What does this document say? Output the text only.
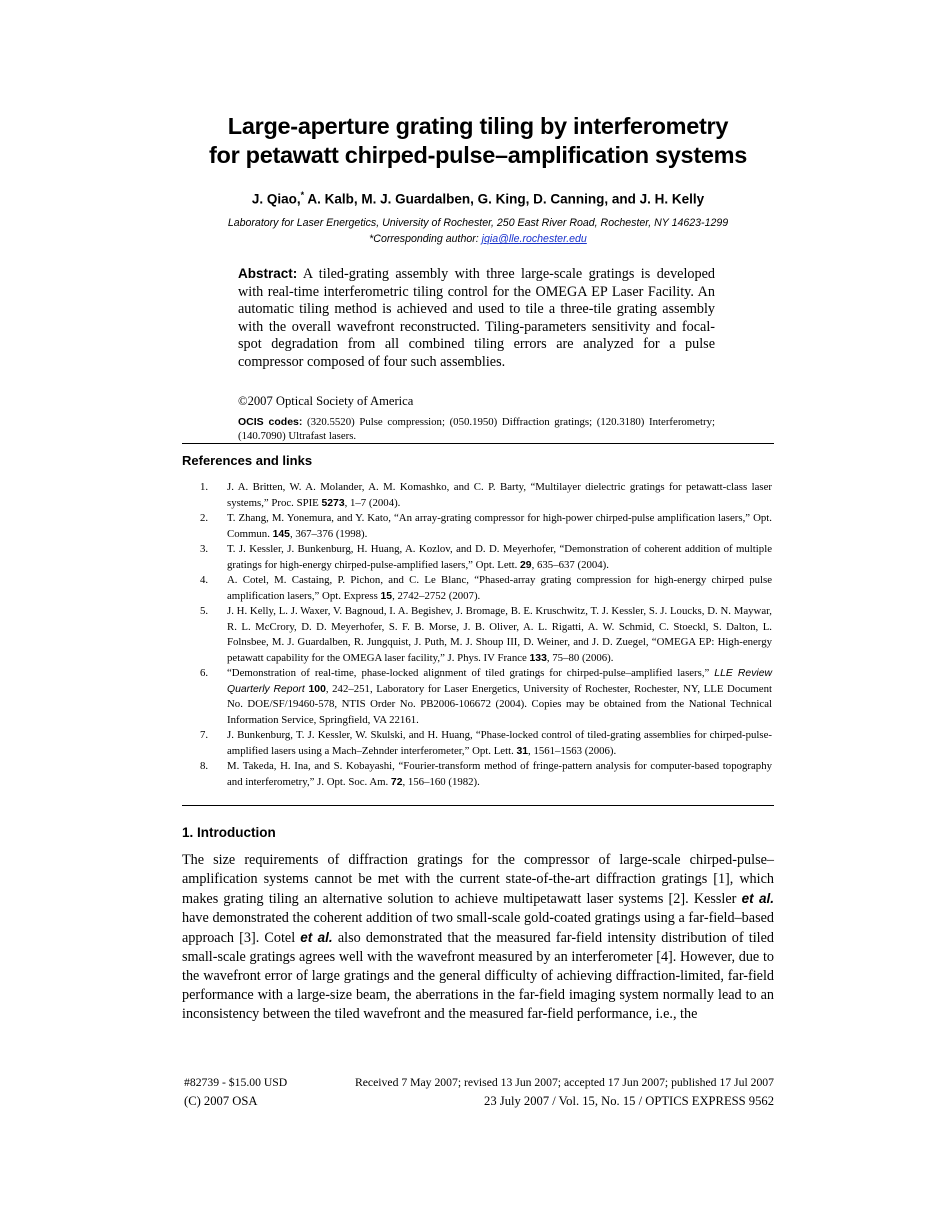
Large-aperture grating tiling by interferometry
for petawatt chirped-pulse–amplification systems
J. Qiao,* A. Kalb, M. J. Guardalben, G. King, D. Canning, and J. H. Kelly
Laboratory for Laser Energetics, University of Rochester, 250 East River Road, Rochester, NY 14623-1299
*Corresponding author: jqia@lle.rochester.edu
Abstract: A tiled-grating assembly with three large-scale gratings is developed with real-time interferometric tiling control for the OMEGA EP Laser Facility. An automatic tiling method is achieved and used to tile a three-tile grating assembly with the overall wavefront reconstructed. Tiling-parameters sensitivity and focal-spot degradation from all combined tiling errors are analyzed for a pulse compressor composed of four such assemblies.
©2007 Optical Society of America
OCIS codes: (320.5520) Pulse compression; (050.1950) Diffraction gratings; (120.3180) Interferometry; (140.7090) Ultrafast lasers.
References and links
1. J. A. Britten, W. A. Molander, A. M. Komashko, and C. P. Barty, “Multilayer dielectric gratings for petawatt-class laser systems,” Proc. SPIE 5273, 1–7 (2004).
2. T. Zhang, M. Yonemura, and Y. Kato, “An array-grating compressor for high-power chirped-pulse amplification lasers,” Opt. Commun. 145, 367–376 (1998).
3. T. J. Kessler, J. Bunkenburg, H. Huang, A. Kozlov, and D. D. Meyerhofer, “Demonstration of coherent addition of multiple gratings for high-energy chirped-pulse-amplified lasers,” Opt. Lett. 29, 635–637 (2004).
4. A. Cotel, M. Castaing, P. Pichon, and C. Le Blanc, “Phased-array grating compression for high-energy chirped pulse amplification lasers,” Opt. Express 15, 2742–2752 (2007).
5. J. H. Kelly, L. J. Waxer, V. Bagnoud, I. A. Begishev, J. Bromage, B. E. Kruschwitz, T. J. Kessler, S. J. Loucks, D. N. Maywar, R. L. McCrory, D. D. Meyerhofer, S. F. B. Morse, J. B. Oliver, A. L. Rigatti, A. W. Schmid, C. Stoeckl, S. Dalton, L. Folnsbee, M. J. Guardalben, R. Jungquist, J. Puth, M. J. Shoup III, D. Weiner, and J. D. Zuegel, “OMEGA EP: High-energy petawatt capability for the OMEGA laser facility,” J. Phys. IV France 133, 75–80 (2006).
6. “Demonstration of real-time, phase-locked alignment of tiled gratings for chirped-pulse–amplified lasers,” LLE Review Quarterly Report 100, 242–251, Laboratory for Laser Energetics, University of Rochester, Rochester, NY, LLE Document No. DOE/SF/19460-578, NTIS Order No. PB2006-106672 (2004). Copies may be obtained from the National Technical Information Service, Springfield, VA 22161.
7. J. Bunkenburg, T. J. Kessler, W. Skulski, and H. Huang, “Phase-locked control of tiled-grating assemblies for chirped-pulse-amplified lasers using a Mach–Zehnder interferometer,” Opt. Lett. 31, 1561–1563 (2006).
8. M. Takeda, H. Ina, and S. Kobayashi, “Fourier-transform method of fringe-pattern analysis for computer-based topography and interferometry,” J. Opt. Soc. Am. 72, 156–160 (1982).
1. Introduction
The size requirements of diffraction gratings for the compressor of large-scale chirped-pulse–amplification systems cannot be met with the current state-of-the-art diffraction gratings [1], which makes grating tiling an alternative solution to achieve multipetawatt laser systems [2]. Kessler et al. have demonstrated the coherent addition of two small-scale gold-coated gratings using a far-field–based approach [3]. Cotel et al. also demonstrated that the measured far-field intensity distribution of tiled small-scale gratings agrees well with the wavefront measured by an interferometer [4]. However, due to the wavefront error of large gratings and the general difficulty of achieving diffraction-limited, far-field performance with a large-size beam, the aberrations in the far-field imaging system normally lead to an inconsistency between the tiled wavefront and the measured far-field performance, i.e., the
#82739 - $15.00 USD	Received 7 May 2007; revised 13 Jun 2007; accepted 17 Jun 2007; published 17 Jul 2007
(C) 2007 OSA	23 July 2007 / Vol. 15, No. 15 / OPTICS EXPRESS 9562
